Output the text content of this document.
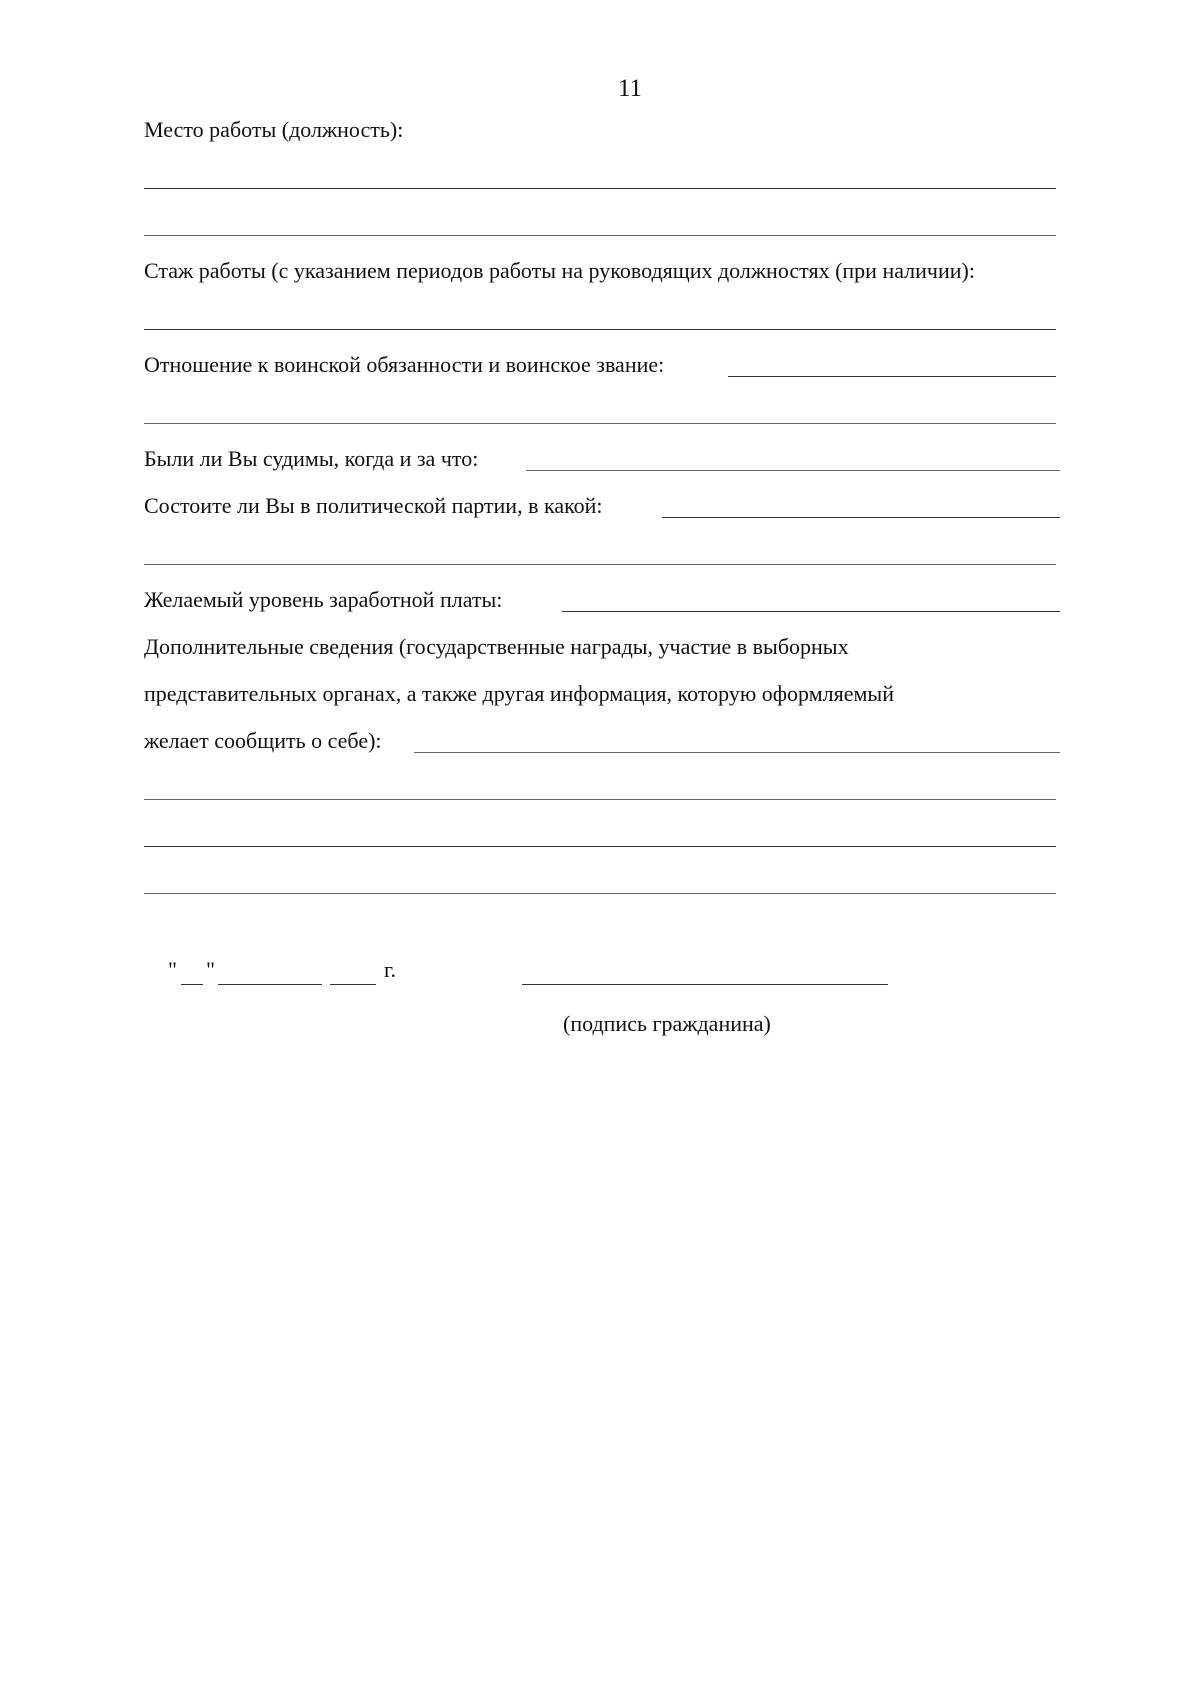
11
Место работы (должность):
Стаж работы (с указанием периодов работы на руководящих должностях (при наличии):
Отношение к воинской обязанности и воинское звание:
Были ли Вы судимы, когда и за что:
Состоите ли Вы в политической партии, в какой:
Желаемый уровень заработной платы:
Дополнительные сведения (государственные награды, участие в выборных
представительных органах, а также другая информация, которую оформляемый
желает сообщить о себе):
" "	г.
(подпись гражданина)
